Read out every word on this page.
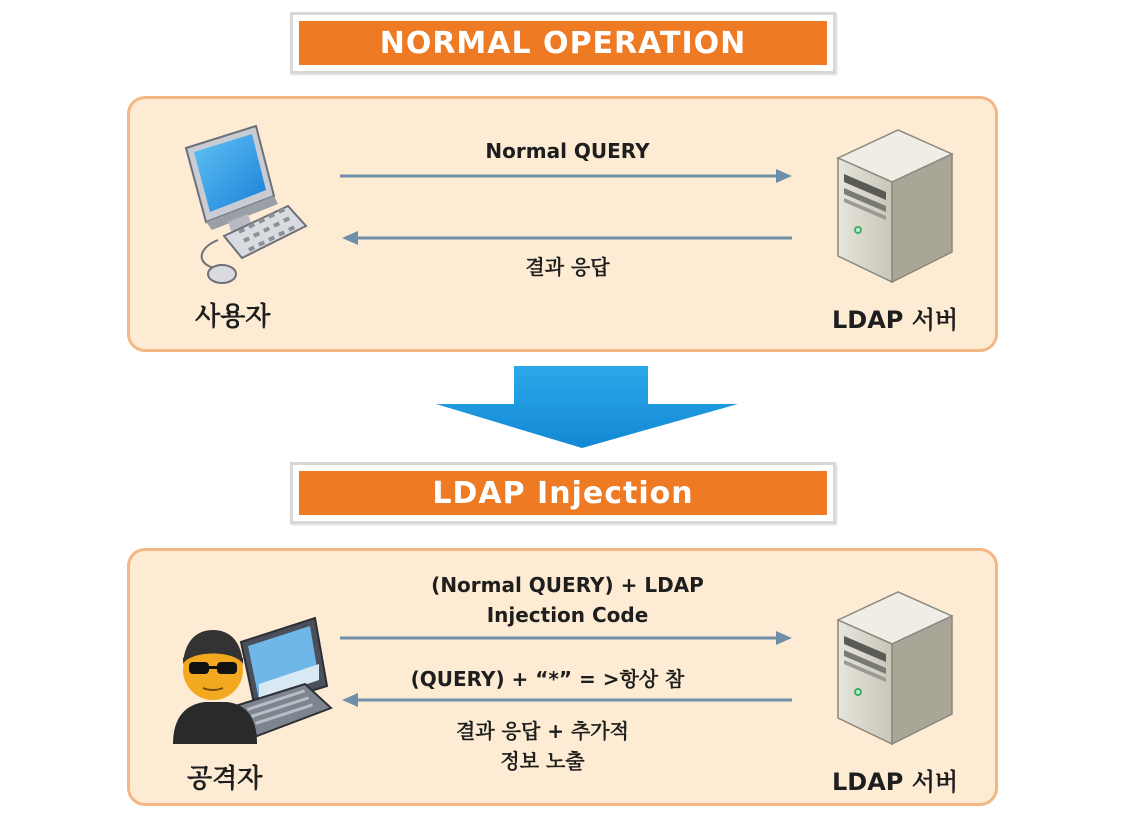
NORMAL OPERATION
사용자
Normal QUERY
결과 응답
LDAP 서버
LDAP Injection
공격자
(Normal QUERY) + LDAP
Injection Code
(QUERY) + “*” = >항상 참
결과 응답 + 추가적
정보 노출
LDAP 서버
